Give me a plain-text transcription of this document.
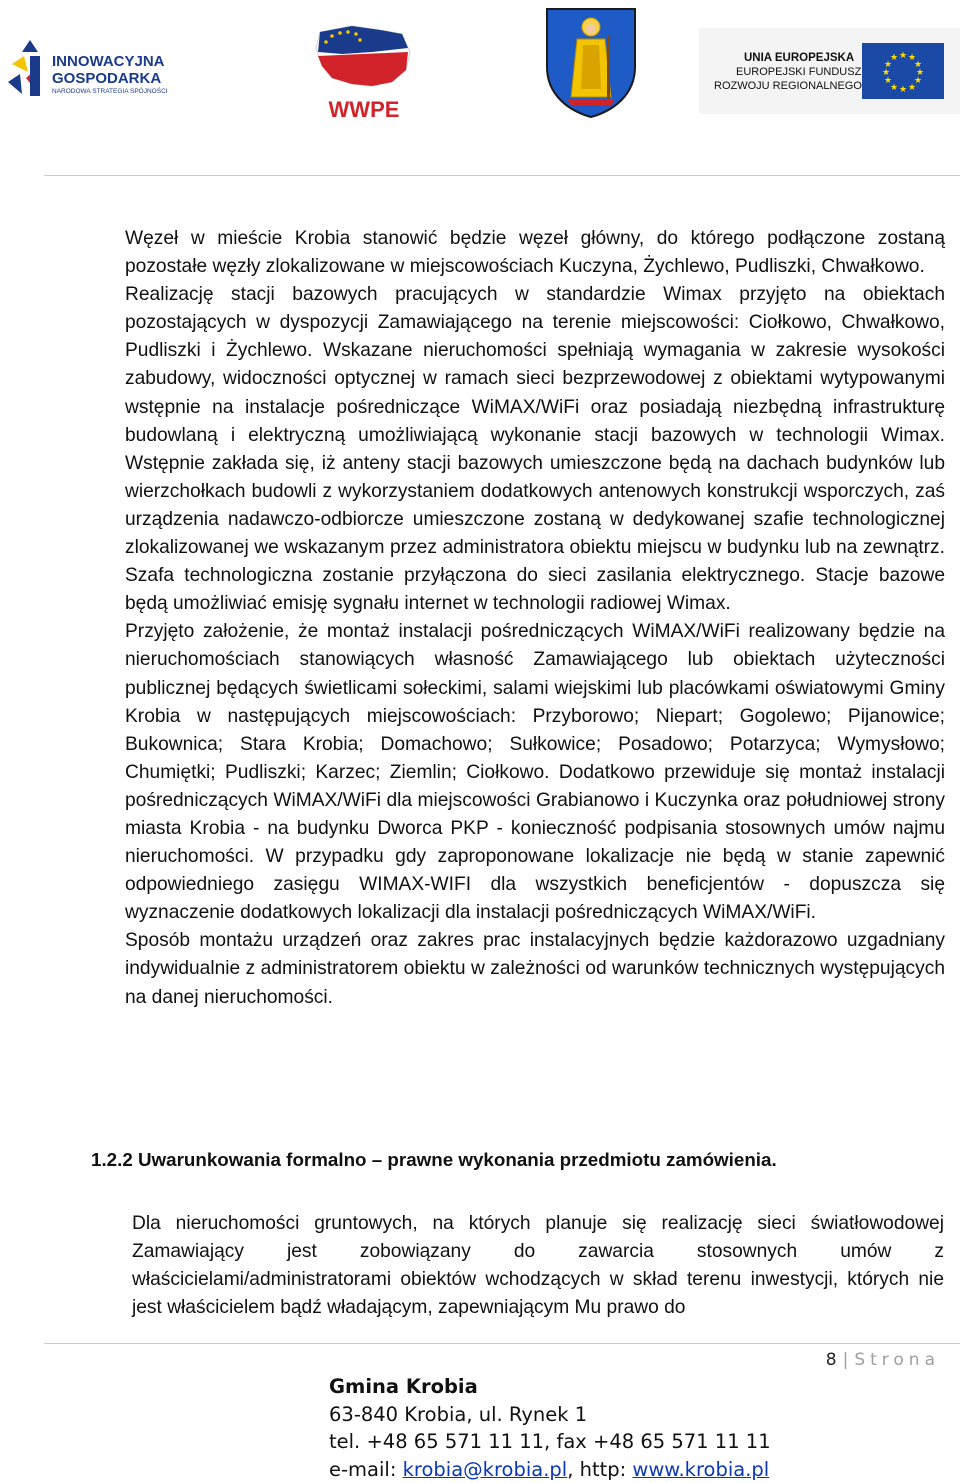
INNOWACYJNA
GOSPODARKA
NARODOWA STRATEGIA SPÓJNOŚCI
WWPE
UNIA EUROPEJSKA
EUROPEJSKI FUNDUSZ
ROZWOJU REGIONALNEGO
★ ★
★
★
★
★
★
★
★
★
★
★

Węzeł w mieście Krobia stanowić będzie węzeł główny, do którego podłączone zostaną pozostałe węzły zlokalizowane w miejscowościach Kuczyna, Żychlewo, Pudliszki, Chwałkowo.

Realizację stacji bazowych pracujących w standardzie Wimax przyjęto na obiektach pozostających w dyspozycji Zamawiającego na terenie miejscowości: Ciołkowo, Chwałkowo, Pudliszki i Żychlewo. Wskazane nieruchomości spełniają wymagania w zakresie wysokości zabudowy, widoczności optycznej w ramach sieci bezprzewodowej z obiektami wytypowanymi wstępnie na instalacje pośredniczące WiMAX/WiFi oraz posiadają niezbędną infrastrukturę budowlaną i elektryczną umożliwiającą wykonanie stacji bazowych w technologii Wimax. Wstępnie zakłada się, iż anteny stacji bazowych umieszczone będą na dachach budynków lub wierzchołkach budowli z wykorzystaniem dodatkowych antenowych konstrukcji wsporczych, zaś urządzenia nadawczo-odbiorcze umieszczone zostaną w dedykowanej szafie technologicznej zlokalizowanej we wskazanym przez administratora obiektu miejscu w budynku lub na zewnątrz. Szafa technologiczna zostanie przyłączona do sieci zasilania elektrycznego. Stacje bazowe będą umożliwiać emisję sygnału internet w technologii radiowej Wimax.

Przyjęto założenie, że montaż instalacji pośredniczących WiMAX/WiFi realizowany będzie na nieruchomościach stanowiących własność Zamawiającego lub obiektach użyteczności publicznej będących świetlicami sołeckimi, salami wiejskimi lub placówkami oświatowymi Gminy Krobia w następujących miejscowościach: Przyborowo; Niepart; Gogolewo; Pijanowice; Bukownica; Stara Krobia; Domachowo; Sułkowice; Posadowo; Potarzyca; Wymysłowo; Chumiętki; Pudliszki; Karzec; Ziemlin; Ciołkowo. Dodatkowo przewiduje się montaż instalacji pośredniczących WiMAX/WiFi dla miejscowości Grabianowo i Kuczynka oraz południowej strony miasta Krobia - na budynku Dworca PKP - konieczność podpisania stosownych umów najmu nieruchomości. W przypadku gdy zaproponowane lokalizacje nie będą w stanie zapewnić odpowiedniego zasięgu WIMAX-WIFI dla wszystkich beneficjentów - dopuszcza się wyznaczenie dodatkowych lokalizacji dla instalacji pośredniczących WiMAX/WiFi.

Sposób montażu urządzeń oraz zakres prac instalacyjnych będzie każdorazowo uzgadniany indywidualnie z administratorem obiektu w zależności od warunków technicznych występujących na danej nieruchomości.

1.2.2 Uwarunkowania formalno – prawne wykonania przedmiotu zamówienia.

Dla nieruchomości gruntowych, na których planuje się realizację sieci światłowodowej Zamawiający jest zobowiązany do zawarcia stosownych umów z właścicielami/administratorami obiektów wchodzących w skład terenu inwestycji, których nie jest właścicielem bądź władającym, zapewniającym Mu prawo do

8 | Strona
Gmina Krobia
63-840 Krobia, ul. Rynek 1
tel. +48 65 571 11 11, fax +48 65 571 11 11
e-mail: krobia@krobia.pl, http: www.krobia.pl
